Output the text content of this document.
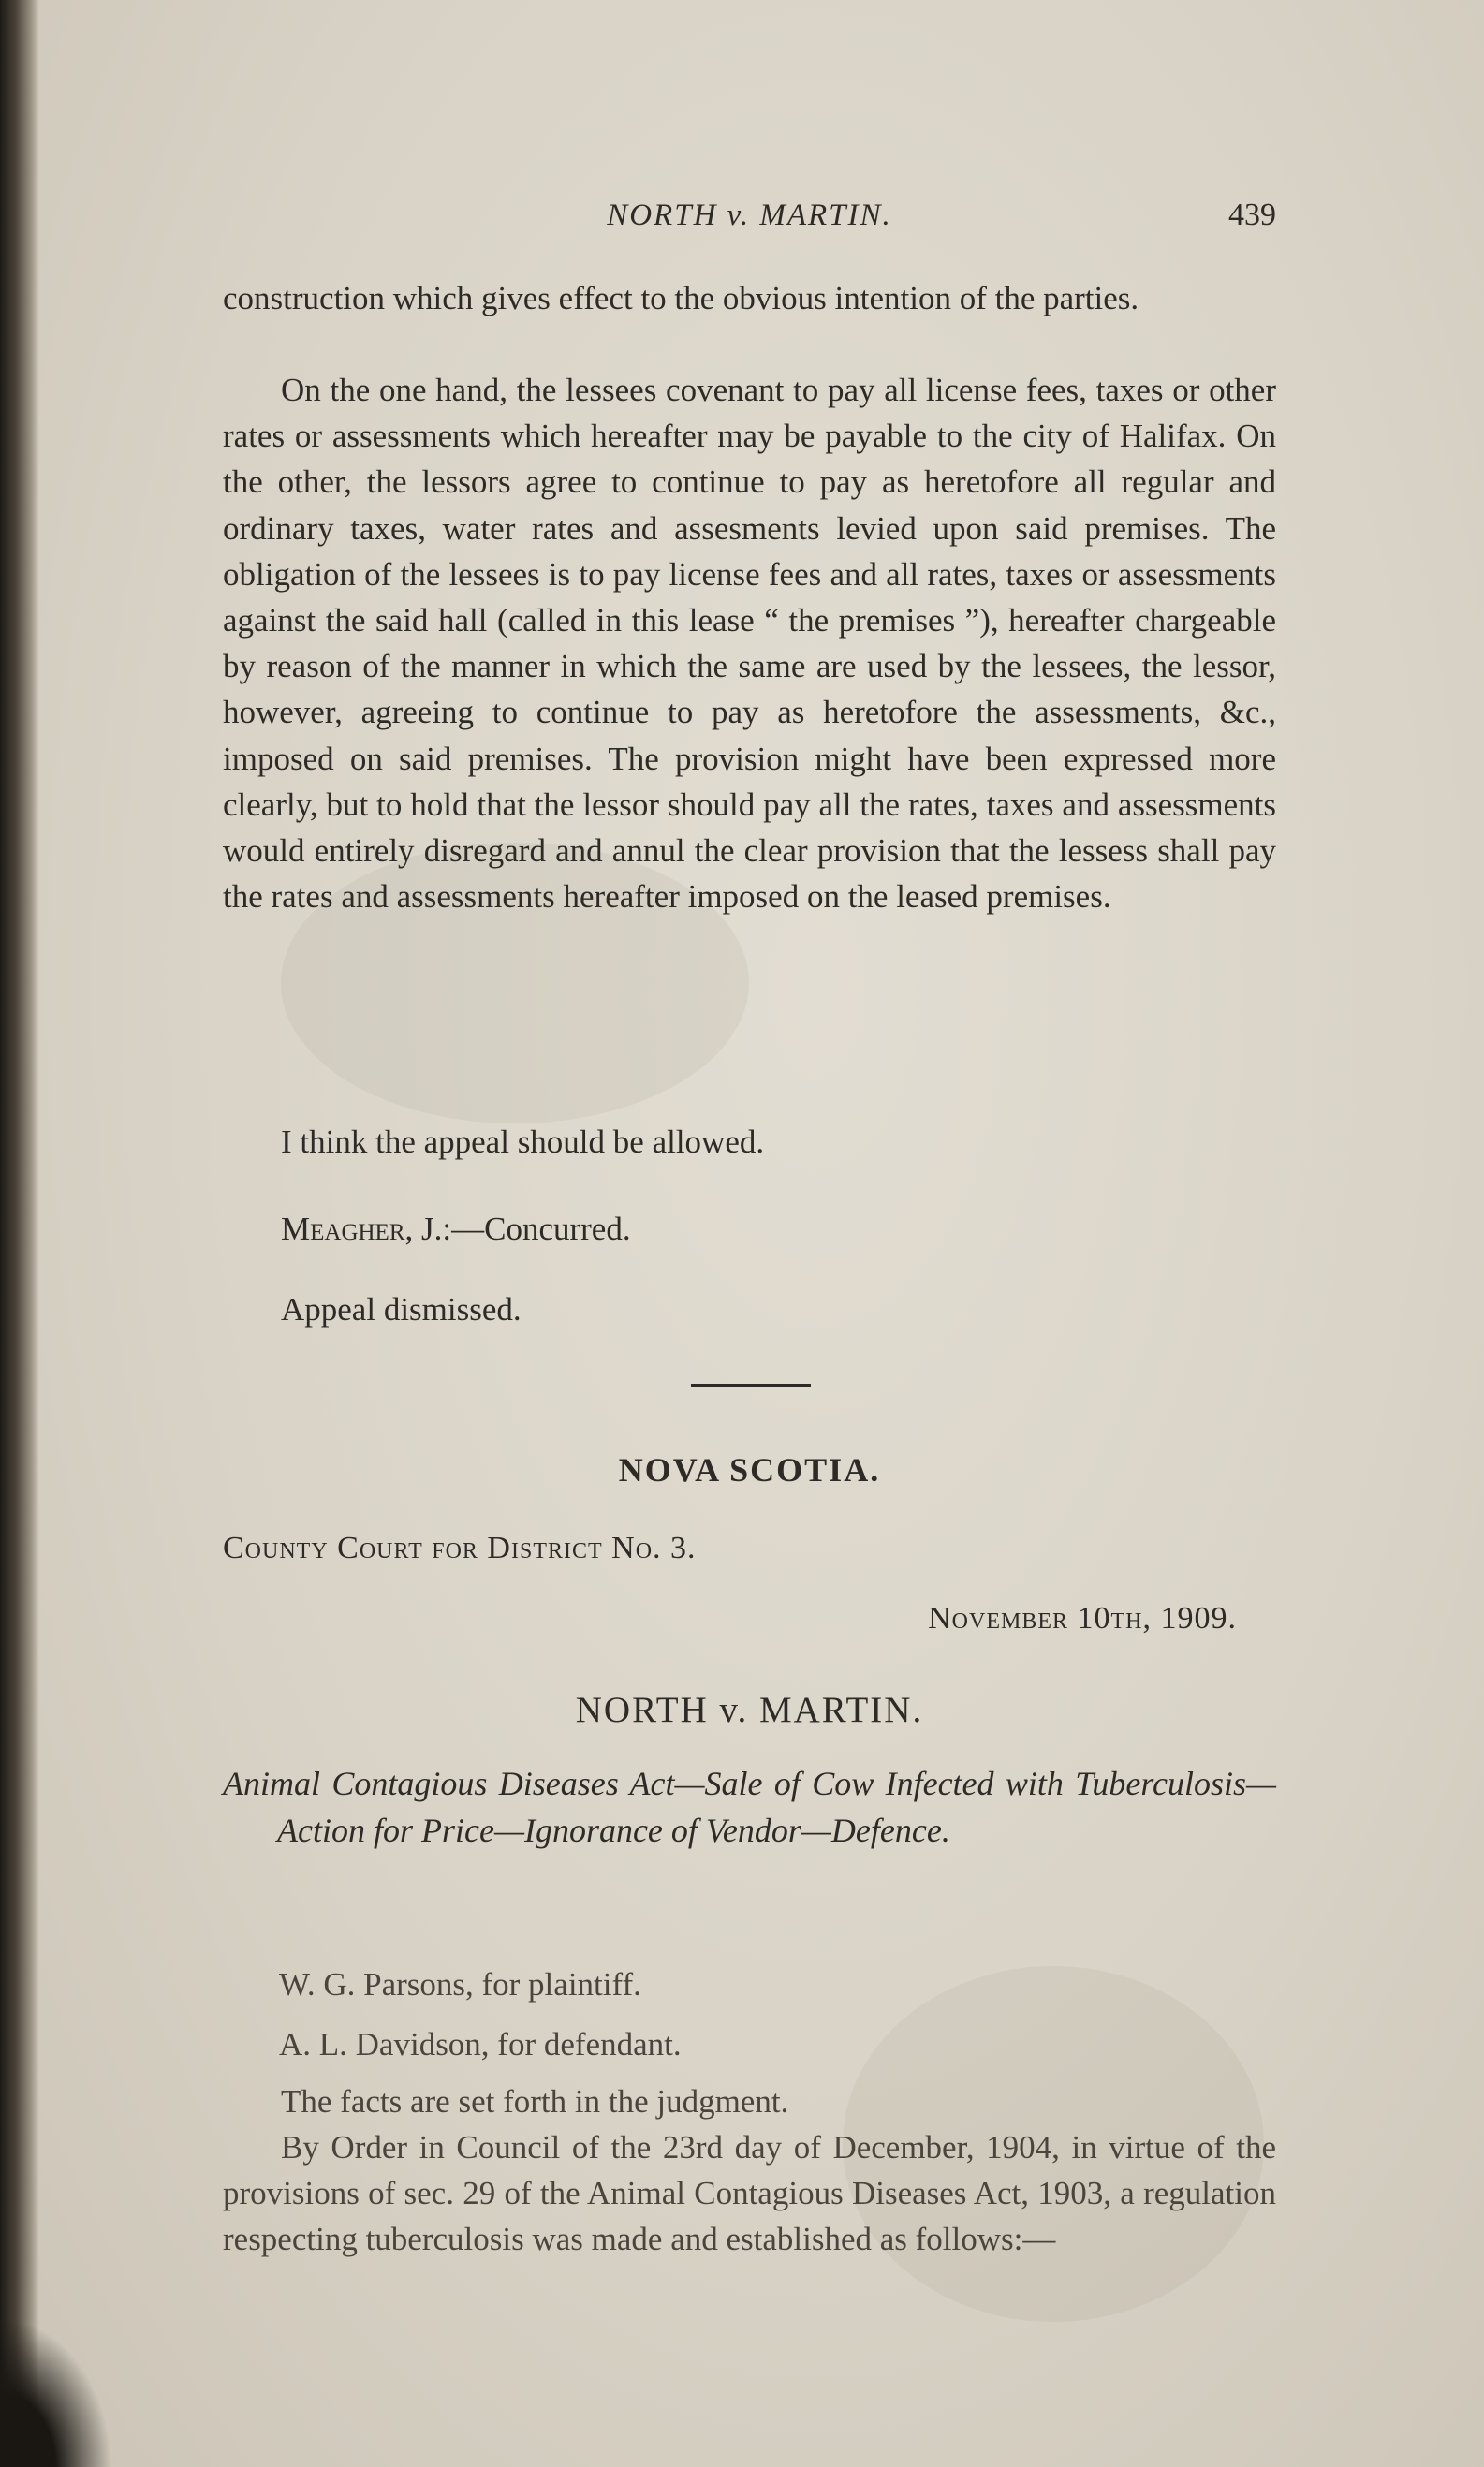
NORTH v. MARTIN.	439

construction which gives effect to the obvious intention of the parties.

On the one hand, the lessees covenant to pay all license fees, taxes or other rates or assessments which hereafter may be payable to the city of Halifax. On the other, the lessors agree to continue to pay as heretofore all regular and ordinary taxes, water rates and assesments levied upon said premises. The obligation of the lessees is to pay license fees and all rates, taxes or assessments against the said hall (called in this lease “ the premises ”), hereafter chargeable by reason of the manner in which the same are used by the lessees, the lessor, however, agreeing to continue to pay as heretofore the assessments, &c., imposed on said premises. The provision might have been expressed more clearly, but to hold that the lessor should pay all the rates, taxes and assessments would entirely disregard and annul the clear provision that the lessess shall pay the rates and assessments hereafter imposed on the leased premises.

I think the appeal should be allowed.

Meagher, J.:—Concurred.

Appeal dismissed.

NOVA SCOTIA.
County Court for District No. 3.
November 10th, 1909.
NORTH v. MARTIN.

Animal Contagious Diseases Act—Sale of Cow Infected with Tuberculosis—Action for Price—Ignorance of Vendor—Defence.

W. G. Parsons, for plaintiff.
A. L. Davidson, for defendant.

The facts are set forth in the judgment.

By Order in Council of the 23rd day of December, 1904, in virtue of the provisions of sec. 29 of the Animal Contagious Diseases Act, 1903, a regulation respecting tuberculosis was made and established as follows:—
